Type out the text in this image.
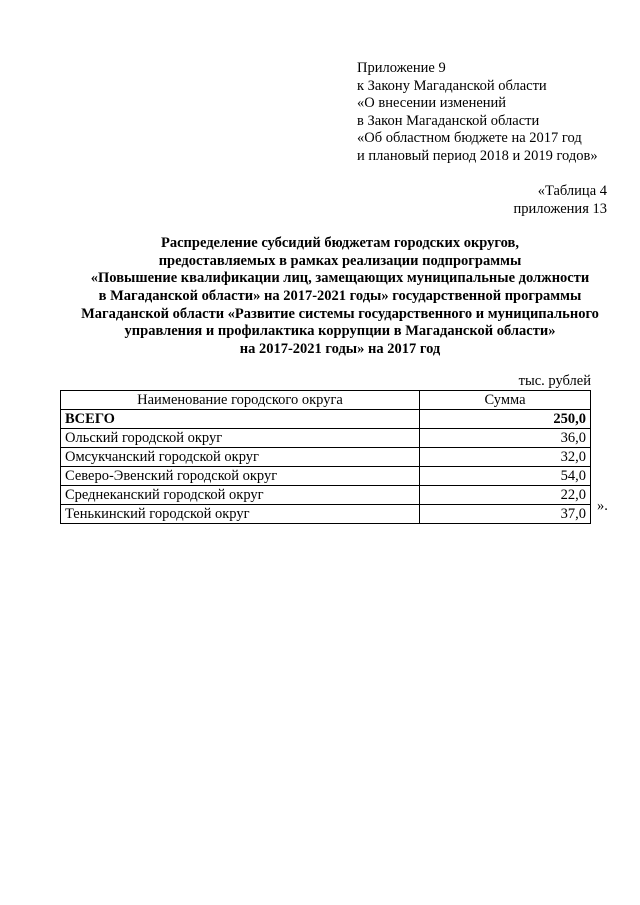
Приложение 9
к Закону Магаданской области
«О внесении изменений
в Закон Магаданской области
«Об областном бюджете на 2017 год
и плановый период 2018 и 2019 годов»
«Таблица 4
приложения 13
Распределение субсидий бюджетам городских округов,
предоставляемых в рамках реализации подпрограммы
«Повышение квалификации лиц, замещающих муниципальные должности
в Магаданской области» на 2017-2021 годы» государственной программы
Магаданской области «Развитие системы государственного и муниципального
управления и профилактика коррупции в Магаданской области»
на 2017-2021 годы» на 2017 год
тыс. рублей
Наименование городского округа	Сумма
ВСЕГО	250,0
Ольский городской округ	36,0
Омсукчанский городской округ	32,0
Северо-Эвенский городской округ	54,0
Среднеканский городской округ	22,0
Тенькинский городской округ	37,0 ».
